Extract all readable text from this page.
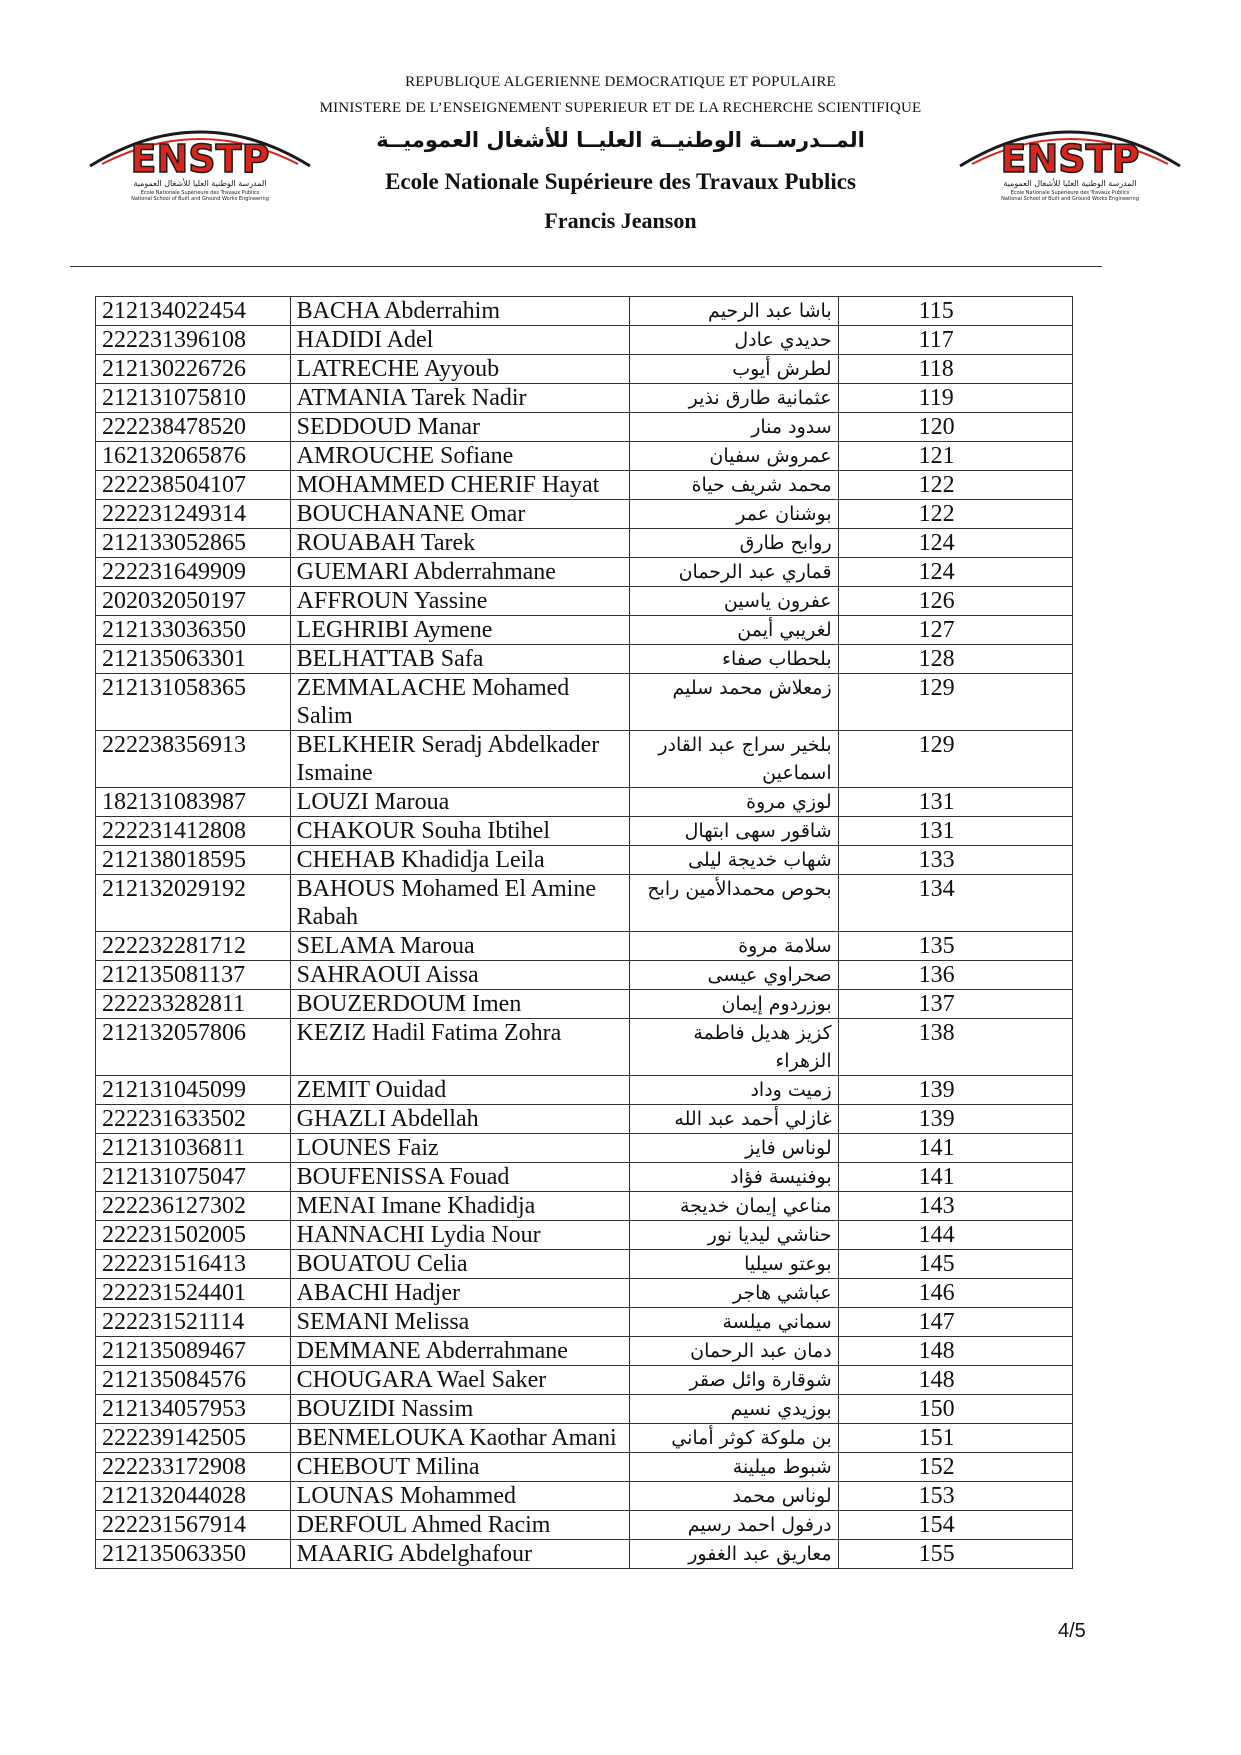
REPUBLIQUE ALGERIENNE DEMOCRATIQUE ET POPULAIRE
MINISTERE DE L’ENSEIGNEMENT SUPERIEUR ET DE LA RECHERCHE SCIENTIFIQUE
المــدرســة الوطنيــة العليــا للأشغال العموميــة
Ecole Nationale Supérieure des Travaux Publics
Francis Jeanson
ENSTP
المدرسة الوطنية العليا للأشغال العمومية
Ecole Nationale Supérieure des Travaux Publics
National School of Built and Ground Works Engineering
ENSTP
المدرسة الوطنية العليا للأشغال العمومية
Ecole Nationale Supérieure des Travaux Publics
National School of Built and Ground Works Engineering
212134022454	BACHA Abderrahim	باشا عبد الرحيم	115
222231396108	HADIDI Adel	حديدي عادل	117
212130226726	LATRECHE Ayyoub	لطرش أيوب	118
212131075810	ATMANIA Tarek Nadir	عثمانية طارق نذير	119
222238478520	SEDDOUD Manar	سدود منار	120
162132065876	AMROUCHE Sofiane	عمروش سفيان	121
222238504107	MOHAMMED CHERIF Hayat	محمد شريف حياة	122
222231249314	BOUCHANANE Omar	بوشنان عمر	122
212133052865	ROUABAH Tarek	روابح طارق	124
222231649909	GUEMARI Abderrahmane	قماري عبد الرحمان	124
202032050197	AFFROUN Yassine	عفرون ياسين	126
212133036350	LEGHRIBI Aymene	لغريبي أيمن	127
212135063301	BELHATTAB Safa	بلحطاب صفاء	128
212131058365	ZEMMALACHE Mohamed Salim	زمعلاش محمد سليم	129
222238356913	BELKHEIR Seradj Abdelkader Ismaine	بلخير سراج عبد القادر اسماعين	129
182131083987	LOUZI Maroua	لوزي مروة	131
222231412808	CHAKOUR Souha Ibtihel	شاقور سهى ابتهال	131
212138018595	CHEHAB Khadidja Leila	شهاب خديجة ليلى	133
212132029192	BAHOUS Mohamed El Amine Rabah	بحوص محمدالأمين رابح	134
222232281712	SELAMA Maroua	سلامة مروة	135
212135081137	SAHRAOUI Aissa	صحراوي عيسى	136
222233282811	BOUZERDOUM Imen	بوزردوم إيمان	137
212132057806	KEZIZ Hadil Fatima Zohra	كزيز هديل فاطمة الزهراء	138
212131045099	ZEMIT Ouidad	زميت وداد	139
222231633502	GHAZLI Abdellah	غازلي أحمد عبد الله	139
212131036811	LOUNES Faiz	لوناس فايز	141
212131075047	BOUFENISSA Fouad	بوفنيسة فؤاد	141
222236127302	MENAI Imane Khadidja	مناعي إيمان خديجة	143
222231502005	HANNACHI Lydia Nour	حناشي ليديا نور	144
222231516413	BOUATOU Celia	بوعتو سيليا	145
222231524401	ABACHI Hadjer	عباشي هاجر	146
222231521114	SEMANI Melissa	سماني ميلسة	147
212135089467	DEMMANE Abderrahmane	دمان عبد الرحمان	148
212135084576	CHOUGARA Wael Saker	شوقارة وائل صقر	148
212134057953	BOUZIDI Nassim	بوزيدي نسيم	150
222239142505	BENMELOUKA Kaothar Amani	بن ملوكة كوثر أماني	151
222233172908	CHEBOUT Milina	شبوط ميلينة	152
212132044028	LOUNAS Mohammed	لوناس محمد	153
222231567914	DERFOUL Ahmed Racim	درفول احمد رسيم	154
212135063350	MAARIG Abdelghafour	معاريق عبد الغفور	155
4/5
